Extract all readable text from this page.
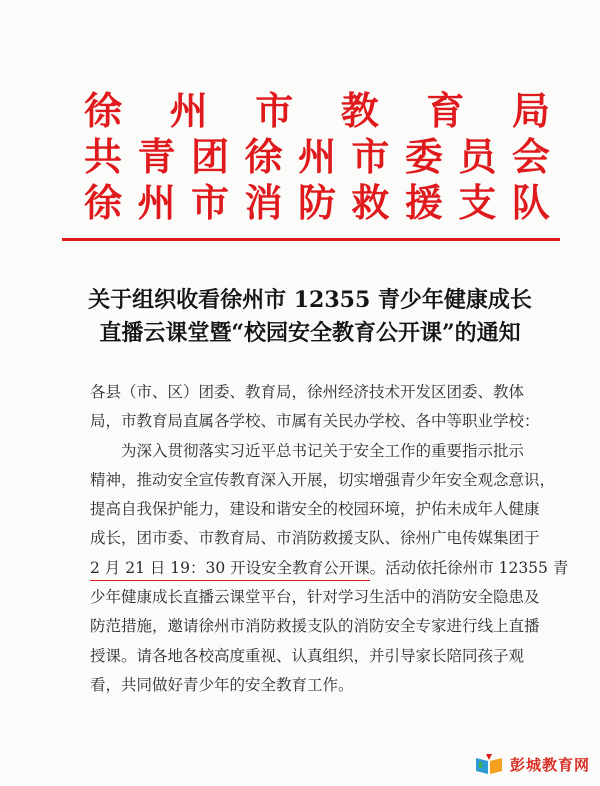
徐 州 市 教 育 局
共 青 团 徐 州 市 委 员 会
徐 州 市 消 防 救 援 支 队
关于组织收看徐州市 12355 青少年健康成长
直播云课堂暨“校园安全教育公开课”的通知
各县（市、区）团委、教育局，徐州经济技术开发区团委、教体
局，市教育局直属各学校、市属有关民办学校、各中等职业学校：
为深入贯彻落实习近平总书记关于安全工作的重要指示批示
精神，推动安全宣传教育深入开展，切实增强青少年安全观念意识，
提高自我保护能力，建设和谐安全的校园环境，护佑未成年人健康
成长，团市委、市教育局、市消防救援支队、徐州广电传媒集团于
2 月 21 日 19：30 开设安全教育公开课。活动依托徐州市 12355 青
少年健康成长直播云课堂平台，针对学习生活中的消防安全隐患及
防范措施，邀请徐州市消防救援支队的消防安全专家进行线上直播
授课。请各地各校高度重视、认真组织，并引导家长陪同孩子观
看，共同做好青少年的安全教育工作。
彭城教育网
